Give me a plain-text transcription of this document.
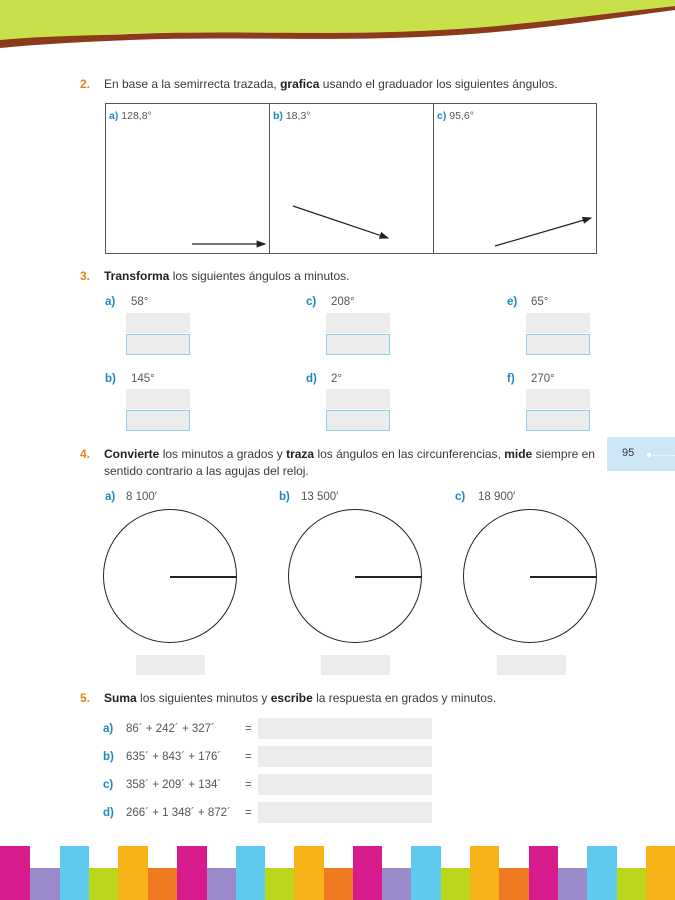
2. En base a la semirrecta trazada, grafica usando el graduador los siguientes ángulos.
a) 128,8°	b) 18,3°	c) 95,6°
3. Transforma los siguientes ángulos a minutos.
a) 58°	c) 208°	e) 65°
b) 145°	d) 2°	f) 270°
95
4. Convierte los minutos a grados y traza los ángulos en las circunferencias, mide siempre en
sentido contrario a las agujas del reloj.
a) 8 100′	b) 13 500′	c) 18 900′
5. Suma los siguientes minutos y escribe la respuesta en grados y minutos.
a) 86´ + 242´ + 327´	=
b) 635´ + 843´ + 176´ =
c) 358´ + 209´ + 134´ =
d) 266´ + 1 348´ + 872´ =
